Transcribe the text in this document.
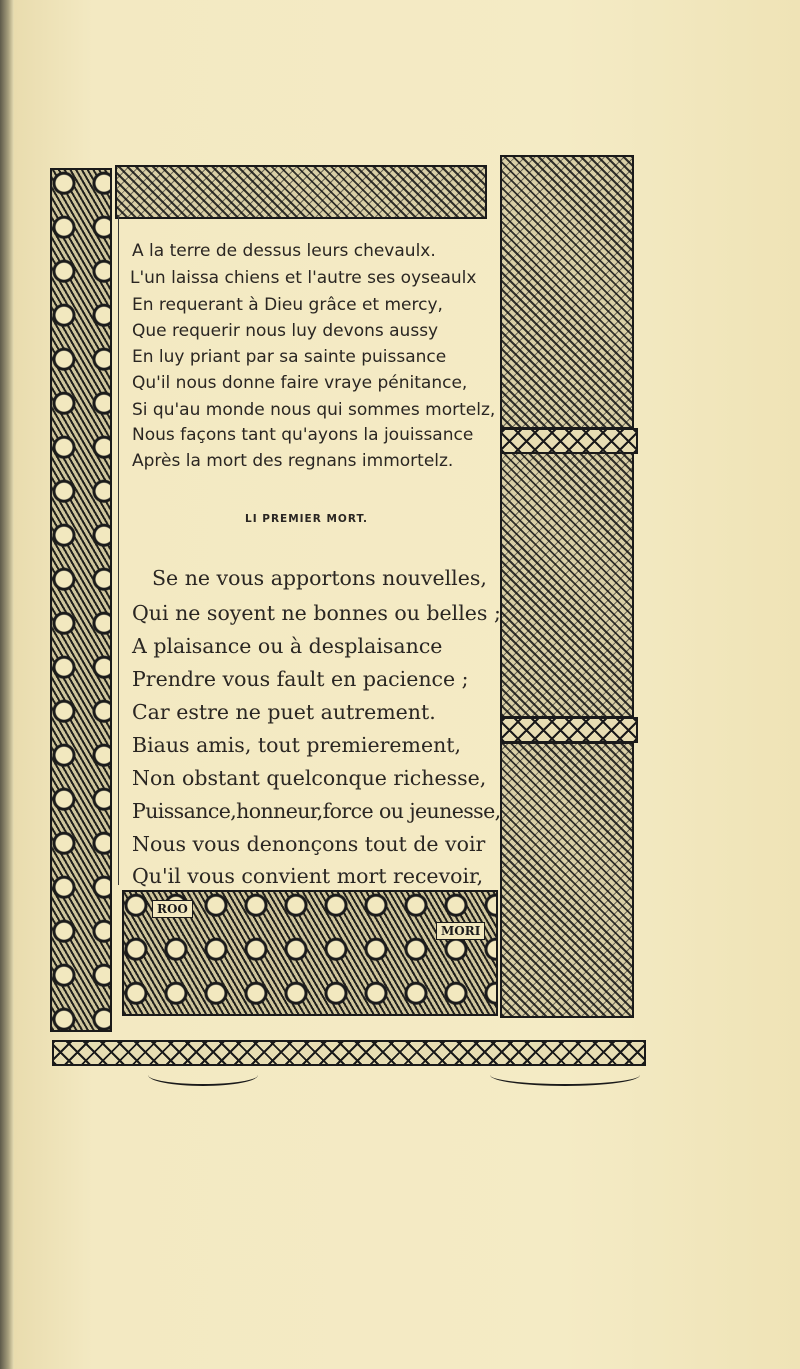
ROO
MORI
A la terre de dessus leurs chevaulx.
L'un laissa chiens et l'autre ses oyseaulx
En requerant à Dieu grâce et mercy,
Que requerir nous luy devons aussy
En luy priant par sa sainte puissance
Qu'il nous donne faire vraye pénitance,
Si qu'au monde nous qui sommes mortelz,
Nous façons tant qu'ayons la jouissance
Après la mort des regnans immortelz.
LI PREMIER MORT.
Se ne vous apportons nouvelles,
Qui ne soyent ne bonnes ou belles ;
A plaisance ou à desplaisance
Prendre vous fault en pacience ;
Car estre ne puet autrement.
Biaus amis, tout premierement,
Non obstant quelconque richesse,
Puissance,honneur,force ou jeunesse,
Nous vous denonçons tout de voir
Qu'il vous convient mort recevoir,
